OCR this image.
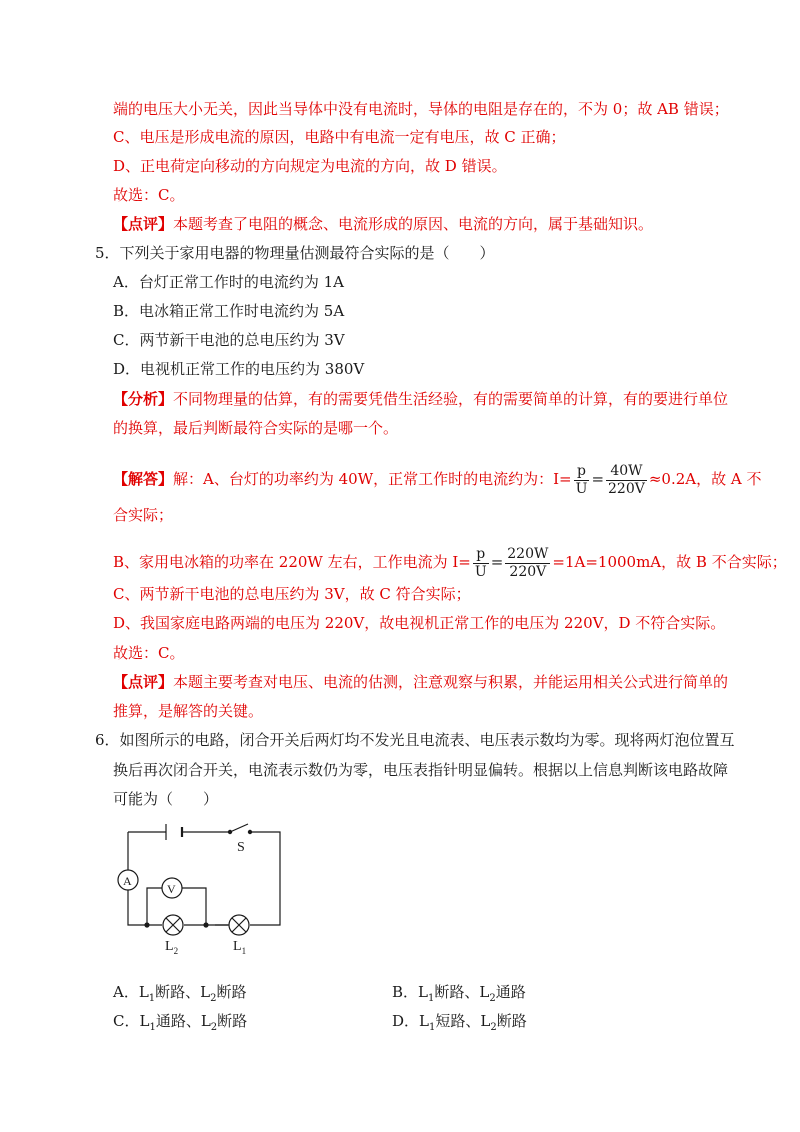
端的电压大小无关，因此当导体中没有电流时，导体的电阻是存在的，不为 0；故 AB 错误；
C、电压是形成电流的原因，电路中有电流一定有电压，故 C 正确；
D、正电荷定向移动的方向规定为电流的方向，故 D 错误。
故选：C。
【点评】本题考查了电阻的概念、电流形成的原因、电流的方向，属于基础知识。
5．下列关于家用电器的物理量估测最符合实际的是（　　）
A．台灯正常工作时的电流约为 1A
B．电冰箱正常工作时电流约为 5A
C．两节新干电池的总电压约为 3V
D．电视机正常工作的电压约为 380V
【分析】不同物理量的估算，有的需要凭借生活经验，有的需要简单的计算，有的要进行单位
的换算，最后判断最符合实际的是哪一个。
【解答】解：A、台灯的功率约为 40W，正常工作时的电流约为：$I= \frac{p}{U} = \frac{40W}{220V} \approx 0.2A$，故 A 不
合实际；
B、家用电冰箱的功率在 220W 左右，工作电流为 $I= \frac{p}{U} = \frac{220W}{220V} =1A=1000mA$，故 B 不合实际；
C、两节新干电池的总电压约为 3V，故 C 符合实际；
D、我国家庭电路两端的电压为 220V，故电视机正常工作的电压为 220V，D 不符合实际。
故选：C。
【点评】本题主要考查对电压、电流的估测，注意观察与积累，并能运用相关公式进行简单的
推算，是解答的关键。
6．如图所示的电路，闭合开关后两灯均不发光且电流表、电压表示数均为零。现将两灯泡位置互
换后再次闭合开关，电流表示数仍为零，电压表指针明显偏转。根据以上信息判断该电路故障
可能为（　　）
S
A
V
$L_2$	$L_1$
A．$L_1$断路、$L_2$断路	B．$L_1$断路、$L_2$通路
C．$L_1$通路、$L_2$断路	D．$L_1$短路、$L_2$断路
